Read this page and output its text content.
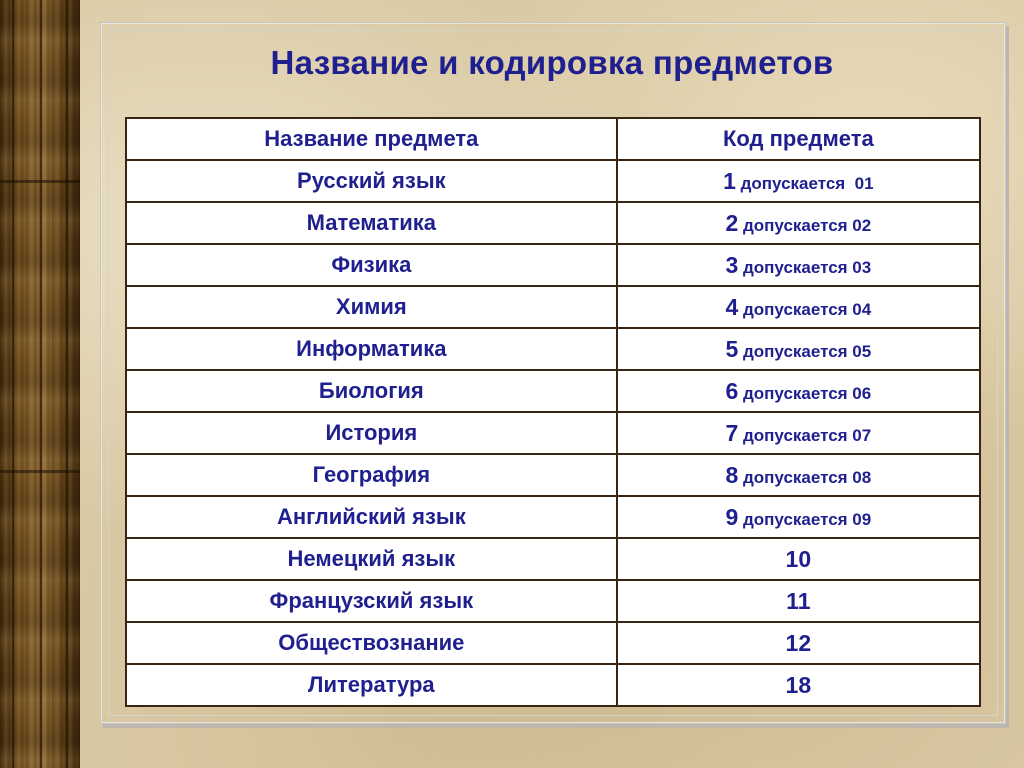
Название и кодировка предметов
Название предмета	Код предмета
Русский язык	1 допускается  01
Математика	2 допускается 02
Физика	3 допускается 03
Химия	4 допускается 04
Информатика	5 допускается 05
Биология	6 допускается 06
История	7 допускается 07
География	8 допускается 08
Английский язык	9 допускается 09
Немецкий язык	10
Французский язык	11
Обществознание	12
Литература	18
